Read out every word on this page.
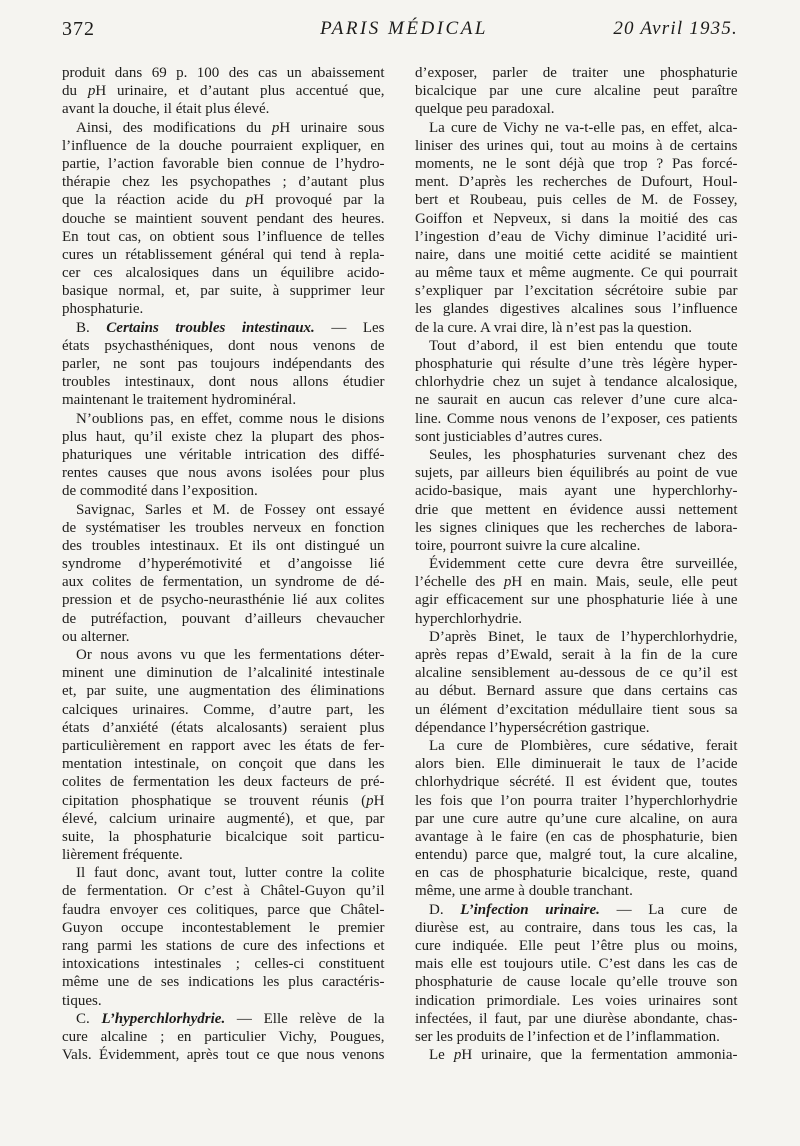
372	PARIS MÉDICAL	20 Avril 1935.
produit dans 69 p. 100 des cas un abaissement
du pH urinaire, et d’autant plus accentué que,
avant la douche, il était plus élevé.
Ainsi, des modifications du pH urinaire sous
l’influence de la douche pourraient expliquer, en
partie, l’action favorable bien connue de l’hydro-
thérapie chez les psychopathes ; d’autant plus
que la réaction acide du pH provoqué par la
douche se maintient souvent pendant des heures.
En tout cas, on obtient sous l’influence de telles
cures un rétablissement général qui tend à repla-
cer ces alcalosiques dans un équilibre acido-
basique normal, et, par suite, à supprimer leur
phosphaturie.
B. Certains troubles intestinaux. — Les
états psychasthéniques, dont nous venons de
parler, ne sont pas toujours indépendants des
troubles intestinaux, dont nous allons étudier
maintenant le traitement hydrominéral.
N’oublions pas, en effet, comme nous le disions
plus haut, qu’il existe chez la plupart des phos-
phaturiques une véritable intrication des diffé-
rentes causes que nous avons isolées pour plus
de commodité dans l’exposition.
Savignac, Sarles et M. de Fossey ont essayé
de systématiser les troubles nerveux en fonction
des troubles intestinaux. Et ils ont distingué un
syndrome d’hyperémotivité et d’angoisse lié
aux colites de fermentation, un syndrome de dé-
pression et de psycho-neurasthénie lié aux colites
de putréfaction, pouvant d’ailleurs chevaucher
ou alterner.
Or nous avons vu que les fermentations déter-
minent une diminution de l’alcalinité intestinale
et, par suite, une augmentation des éliminations
calciques urinaires. Comme, d’autre part, les
états d’anxiété (états alcalosants) seraient plus
particulièrement en rapport avec les états de fer-
mentation intestinale, on conçoit que dans les
colites de fermentation les deux facteurs de pré-
cipitation phosphatique se trouvent réunis (pH
élevé, calcium urinaire augmenté), et que, par
suite, la phosphaturie bicalcique soit particu-
lièrement fréquente.
Il faut donc, avant tout, lutter contre la colite
de fermentation. Or c’est à Châtel-Guyon qu’il
faudra envoyer ces colitiques, parce que Châtel-
Guyon occupe incontestablement le premier
rang parmi les stations de cure des infections et
intoxications intestinales ; celles-ci constituent
même une de ses indications les plus caractéris-
tiques.
C. L’hyperchlorhydrie. — Elle relève de la
cure alcaline ; en particulier Vichy, Pougues,
Vals. Évidemment, après tout ce que nous venons
d’exposer, parler de traiter une phosphaturie
bicalcique par une cure alcaline peut paraître
quelque peu paradoxal.
La cure de Vichy ne va-t-elle pas, en effet, alca-
liniser des urines qui, tout au moins à de certains
moments, ne le sont déjà que trop ? Pas forcé-
ment. D’après les recherches de Dufourt, Houl-
bert et Roubeau, puis celles de M. de Fossey,
Goiffon et Nepveux, si dans la moitié des cas
l’ingestion d’eau de Vichy diminue l’acidité uri-
naire, dans une moitié cette acidité se maintient
au même taux et même augmente. Ce qui pourrait
s’expliquer par l’excitation sécrétoire subie par
les glandes digestives alcalines sous l’influence
de la cure. A vrai dire, là n’est pas la question.
Tout d’abord, il est bien entendu que toute
phosphaturie qui résulte d’une très légère hyper-
chlorhydrie chez un sujet à tendance alcalosique,
ne saurait en aucun cas relever d’une cure alca-
line. Comme nous venons de l’exposer, ces patients
sont justiciables d’autres cures.
Seules, les phosphaturies survenant chez des
sujets, par ailleurs bien équilibrés au point de vue
acido-basique, mais ayant une hyperchlorhy-
drie que mettent en évidence aussi nettement
les signes cliniques que les recherches de labora-
toire, pourront suivre la cure alcaline.
Évidemment cette cure devra être surveillée,
l’échelle des pH en main. Mais, seule, elle peut
agir efficacement sur une phosphaturie liée à une
hyperchlorhydrie.
D’après Binet, le taux de l’hyperchlorhydrie,
après repas d’Ewald, serait à la fin de la cure
alcaline sensiblement au-dessous de ce qu’il est
au début. Bernard assure que dans certains cas
un élément d’excitation médullaire tient sous sa
dépendance l’hypersécrétion gastrique.
La cure de Plombières, cure sédative, ferait
alors bien. Elle diminuerait le taux de l’acide
chlorhydrique sécrété. Il est évident que, toutes
les fois que l’on pourra traiter l’hyperchlorhydrie
par une cure autre qu’une cure alcaline, on aura
avantage à le faire (en cas de phosphaturie, bien
entendu) parce que, malgré tout, la cure alcaline,
en cas de phosphaturie bicalcique, reste, quand
même, une arme à double tranchant.
D. L’infection urinaire. — La cure de
diurèse est, au contraire, dans tous les cas, la
cure indiquée. Elle peut l’être plus ou moins,
mais elle est toujours utile. C’est dans les cas de
phosphaturie de cause locale qu’elle trouve son
indication primordiale. Les voies urinaires sont
infectées, il faut, par une diurèse abondante, chas-
ser les produits de l’infection et de l’inflammation.
Le pH urinaire, que la fermentation ammonia-
